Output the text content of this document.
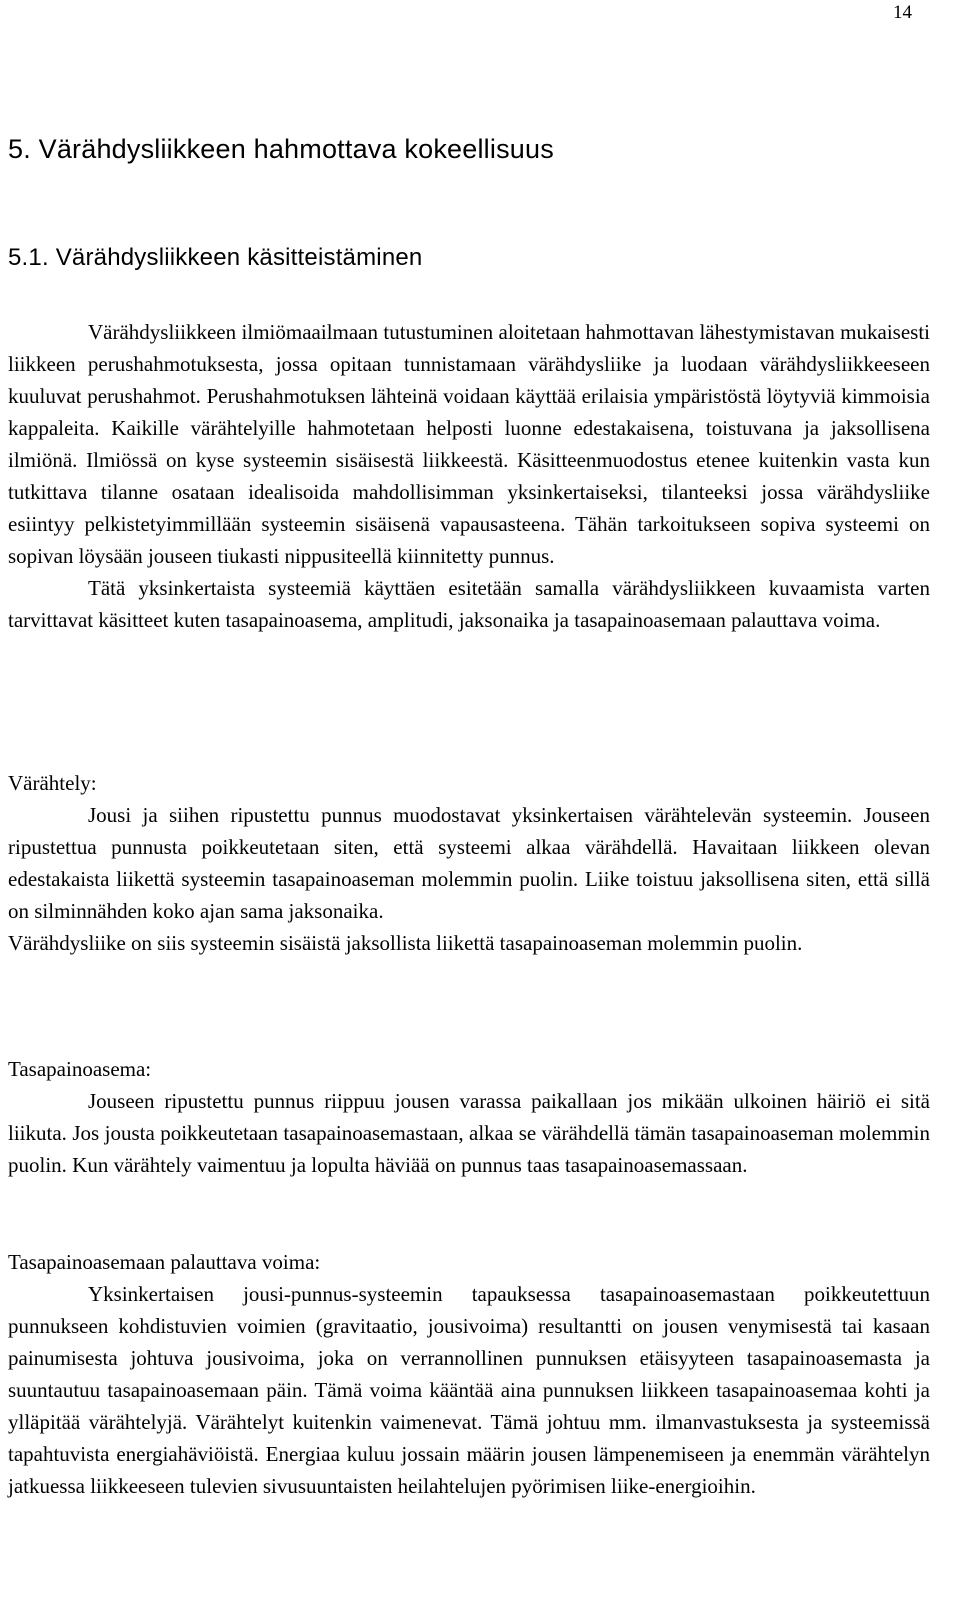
14
5. Värähdysliikkeen hahmottava kokeellisuus
5.1. Värähdysliikkeen käsitteistäminen

Värähdysliikkeen ilmiömaailmaan tutustuminen aloitetaan hahmottavan lähestymistavan mukaisesti liikkeen perushahmotuksesta, jossa opitaan tunnistamaan värähdysliike ja luodaan värähdysliikkeeseen kuuluvat perushahmot. Perushahmotuksen lähteinä voidaan käyttää erilaisia ympäristöstä löytyviä kimmoisia kappaleita. Kaikille värähtelyille hahmotetaan helposti luonne edestakaisena, toistuvana ja jaksollisena ilmiönä. Ilmiössä on kyse systeemin sisäisestä liikkeestä. Käsitteenmuodostus etenee kuitenkin vasta kun tutkittava tilanne osataan idealisoida mahdollisimman yksinkertaiseksi, tilanteeksi jossa värähdysliike esiintyy pelkistetyimmillään systeemin sisäisenä vapausasteena. Tähän tarkoitukseen sopiva systeemi on sopivan löysään jouseen tiukasti nippusiteellä kiinnitetty punnus.

Tätä yksinkertaista systeemiä käyttäen esitetään samalla värähdysliikkeen kuvaamista varten tarvittavat käsitteet kuten tasapainoasema, amplitudi, jaksonaika ja tasapainoasemaan palauttava voima.

Värähtely:

Jousi ja siihen ripustettu punnus muodostavat yksinkertaisen värähtelevän systeemin. Jouseen ripustettua punnusta poikkeutetaan siten, että systeemi alkaa värähdellä. Havaitaan liikkeen olevan edestakaista liikettä systeemin tasapainoaseman molemmin puolin. Liike toistuu jaksollisena siten, että sillä on silminnähden koko ajan sama jaksonaika.

Värähdysliike on siis systeemin sisäistä jaksollista liikettä tasapainoaseman molemmin puolin.

Tasapainoasema:

Jouseen ripustettu punnus riippuu jousen varassa paikallaan jos mikään ulkoinen häiriö ei sitä liikuta. Jos jousta poikkeutetaan tasapainoasemastaan, alkaa se värähdellä tämän tasapainoaseman molemmin puolin. Kun värähtely vaimentuu ja lopulta häviää on punnus taas tasapainoasemassaan.

Tasapainoasemaan palauttava voima:

Yksinkertaisen jousi-punnus-systeemin tapauksessa tasapainoasemastaan poikkeutettuun punnukseen kohdistuvien voimien (gravitaatio, jousivoima) resultantti on jousen venymisestä tai kasaan painumisesta johtuva jousivoima, joka on verrannollinen punnuksen etäisyyteen tasapainoasemasta ja suuntautuu tasapainoasemaan päin. Tämä voima kääntää aina punnuksen liikkeen tasapainoasemaa kohti ja ylläpitää värähtelyjä. Värähtelyt kuitenkin vaimenevat. Tämä johtuu mm. ilmanvastuksesta ja systeemissä tapahtuvista energiahäviöistä. Energiaa kuluu jossain määrin jousen lämpenemiseen ja enemmän värähtelyn jatkuessa liikkeeseen tulevien sivusuuntaisten heilahtelujen pyörimisen liike-energioihin.
